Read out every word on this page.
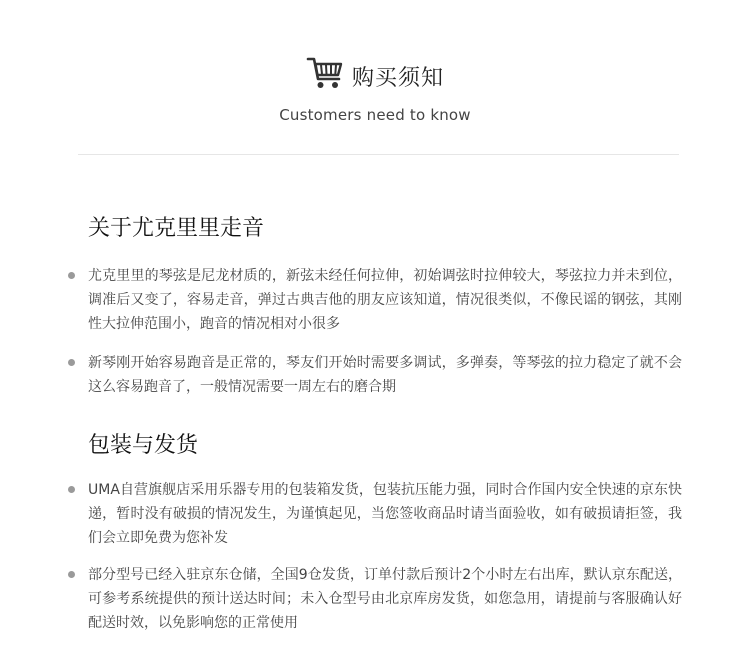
购买须知
Customers need to know
关于尤克里里走音
尤克里里的琴弦是尼龙材质的，新弦未经任何拉伸，初始调弦时拉伸较大，琴弦拉力并未到位，调准后又变了，容易走音，弹过古典吉他的朋友应该知道，情况很类似，不像民谣的钢弦，其刚性大拉伸范围小，跑音的情况相对小很多
新琴刚开始容易跑音是正常的，琴友们开始时需要多调试，多弹奏，等琴弦的拉力稳定了就不会这么容易跑音了，一般情况需要一周左右的磨合期
包装与发货
UMA自营旗舰店采用乐器专用的包装箱发货，包装抗压能力强，同时合作国内安全快速的京东快递，暂时没有破损的情况发生，为谨慎起见，当您签收商品时请当面验收，如有破损请拒签，我们会立即免费为您补发
部分型号已经入驻京东仓储，全国9仓发货，订单付款后预计2个小时左右出库，默认京东配送，可参考系统提供的预计送达时间；未入仓型号由北京库房发货，如您急用，请提前与客服确认好配送时效，以免影响您的正常使用
